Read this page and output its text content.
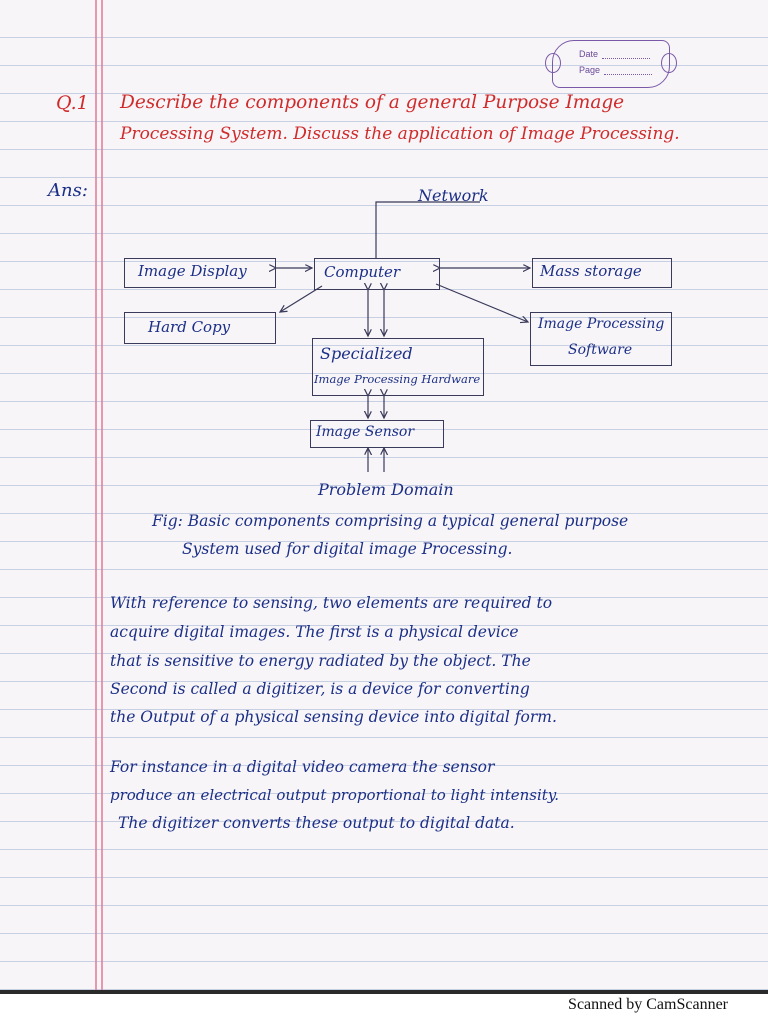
Date
Page
Q.1 Describe the components of a general Purpose Image
Processing System. Discuss the application of Image Processing.
Ans:	Network
Image Display	Computer	Mass storage
Hard Copy	Image Processing
Software
Specialized
Image Processing Hardware
Image Sensor
Problem Domain
Fig: Basic components comprising a typical general purpose
System used for digital image Processing.
With reference to sensing, two elements are required to
acquire digital images. The first is a physical device
that is sensitive to energy radiated by the object. The
Second is called a digitizer, is a device for converting
the Output of a physical sensing device into digital form.
For instance in a digital video camera the sensor
produce an electrical output proportional to light intensity.
The digitizer converts these output to digital data.
Scanned by CamScanner
